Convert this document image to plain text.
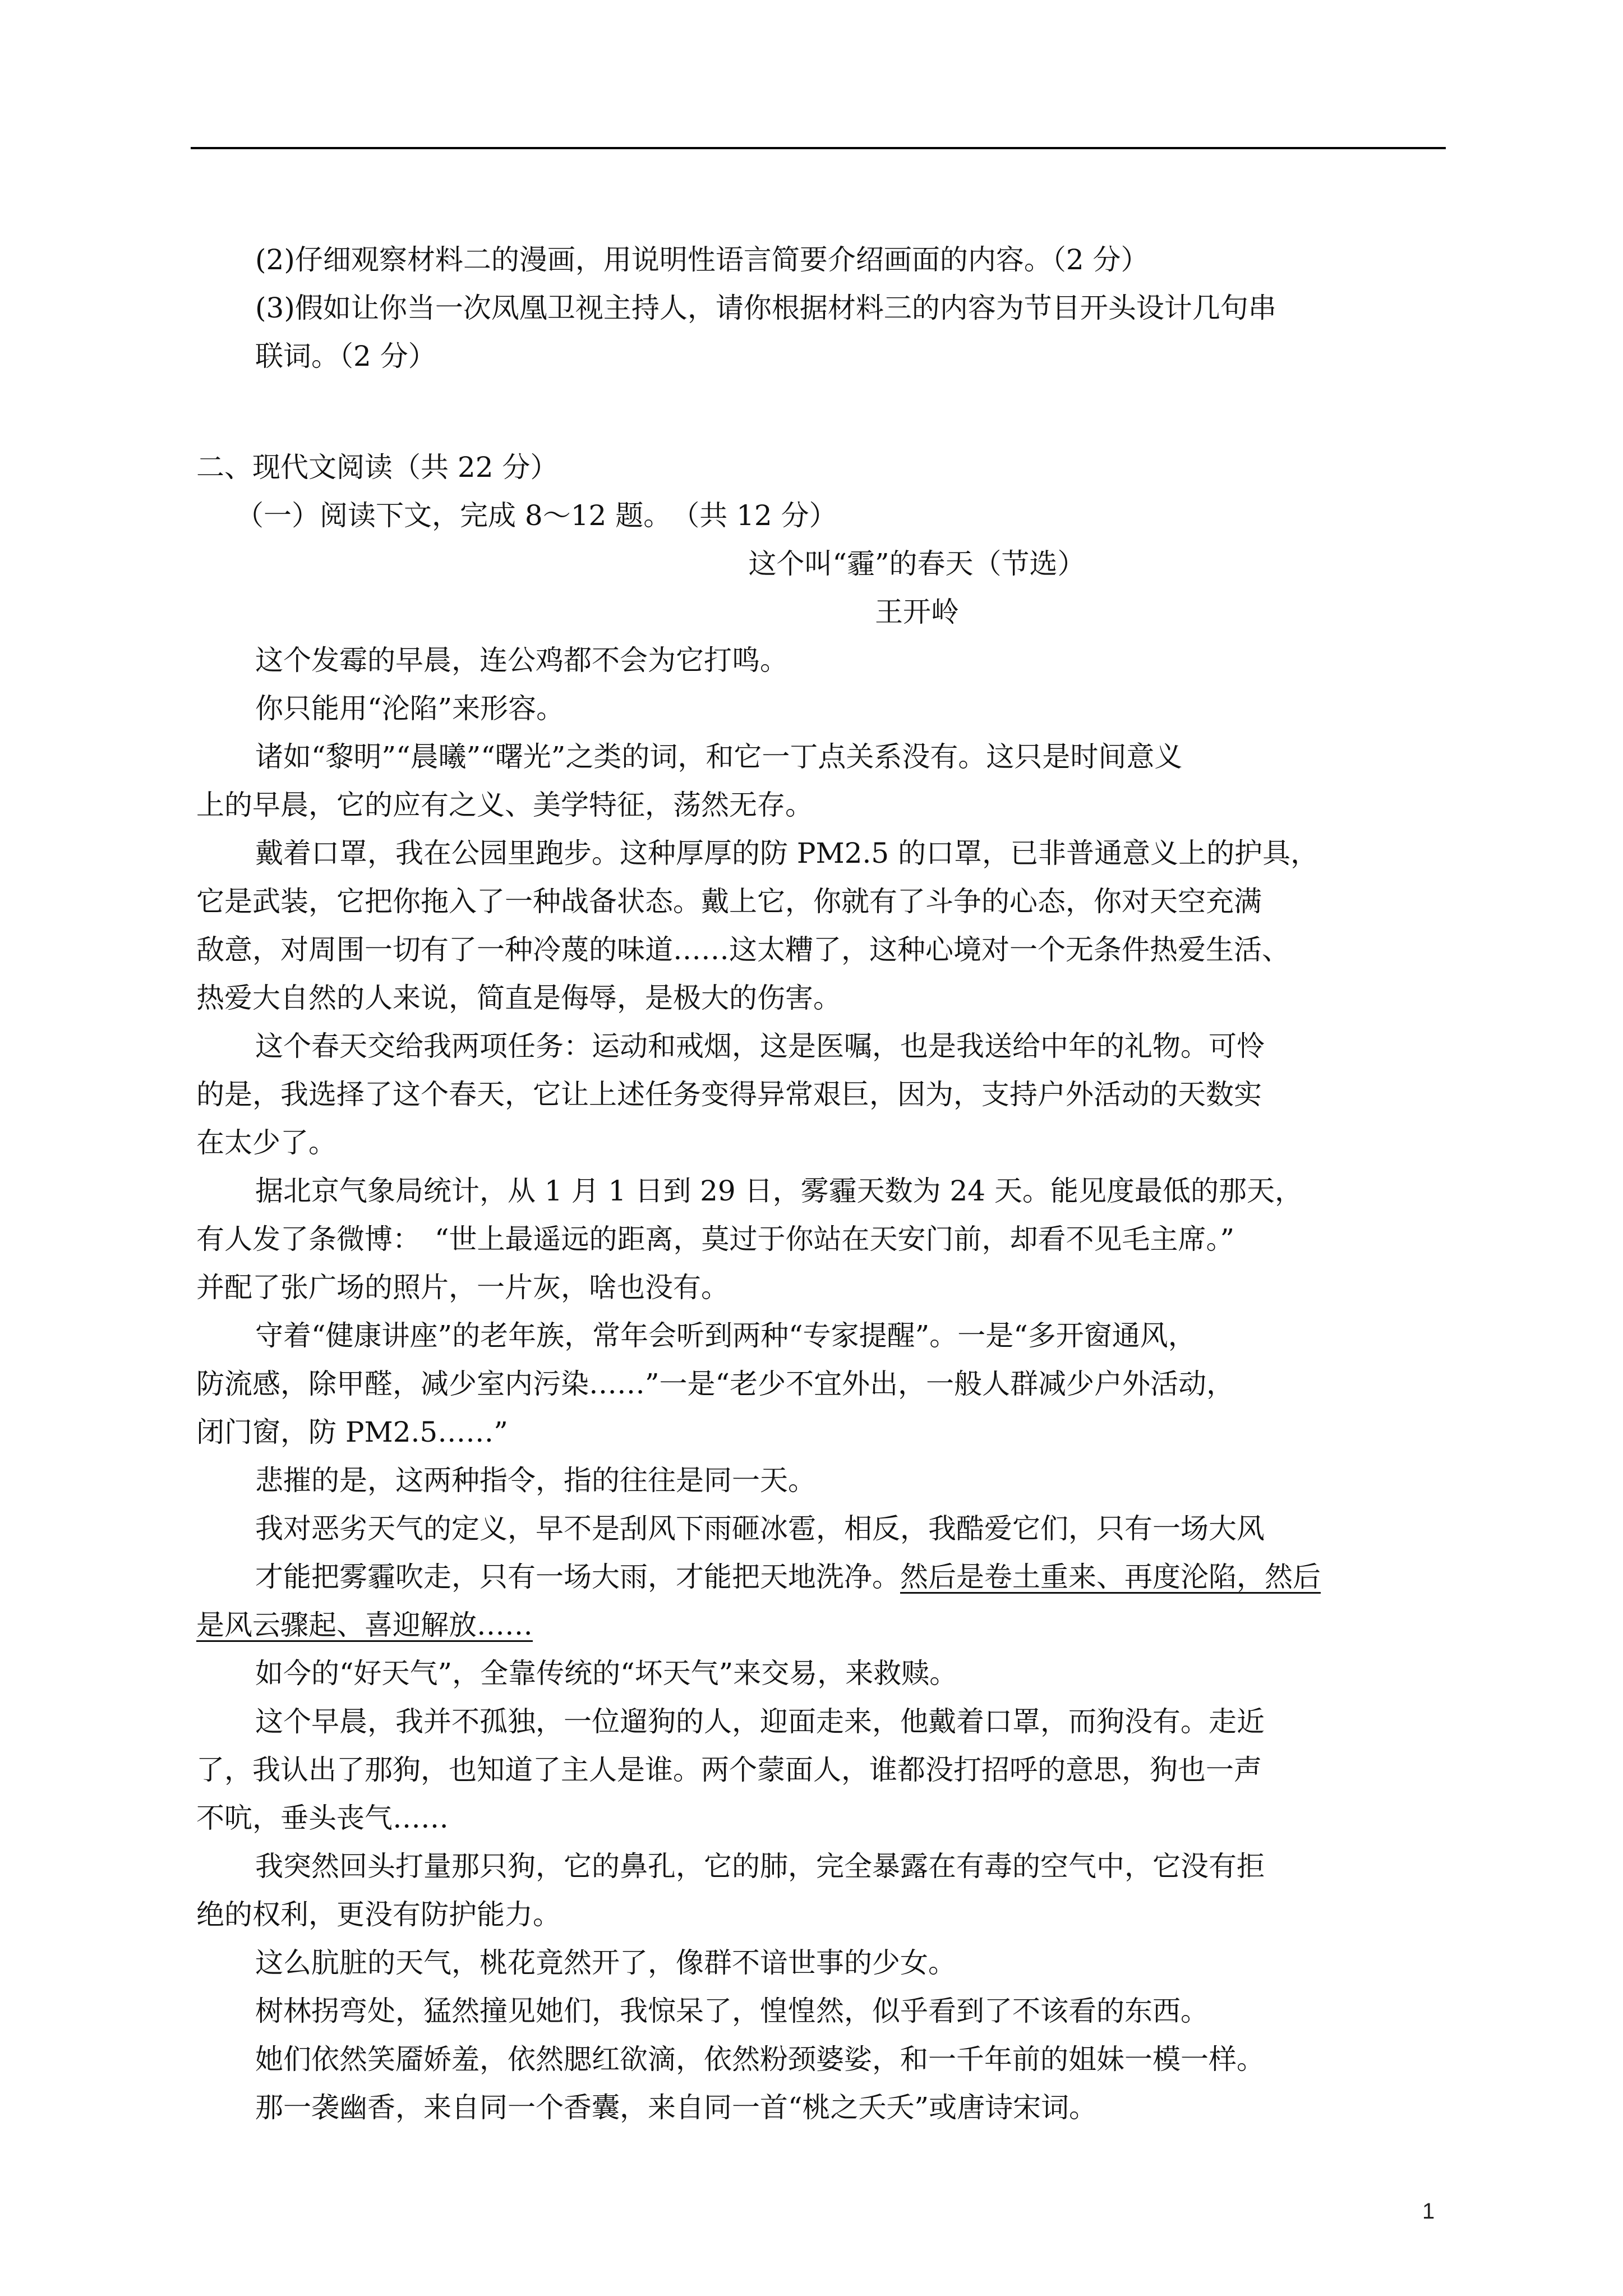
(2)仔细观察材料二的漫画，用说明性语言简要介绍画面的内容。（2 分）
(3)假如让你当一次凤凰卫视主持人，请你根据材料三的内容为节目开头设计几句串
联词。（2 分）
二、现代文阅读（共 22 分）
（一）阅读下文，完成 8～12 题。　（共 12 分）
这个叫“霾”的春天（节选）
王开岭
这个发霉的早晨，连公鸡都不会为它打鸣。
你只能用“沦陷”来形容。
诸如“黎明”“晨曦”“曙光”之类的词，和它一丁点关系没有。这只是时间意义
上的早晨，它的应有之义、美学特征，荡然无存。
戴着口罩，我在公园里跑步。这种厚厚的防 PM2.5 的口罩，已非普通意义上的护具，
它是武装，它把你拖入了一种战备状态。戴上它，你就有了斗争的心态，你对天空充满
敌意，对周围一切有了一种冷蔑的味道……这太糟了，这种心境对一个无条件热爱生活、
热爱大自然的人来说，简直是侮辱，是极大的伤害。
这个春天交给我两项任务：运动和戒烟，这是医嘱，也是我送给中年的礼物。可怜
的是，我选择了这个春天，它让上述任务变得异常艰巨，因为，支持户外活动的天数实
在太少了。
据北京气象局统计，从 1 月 1 日到 29 日，雾霾天数为 24 天。能见度最低的那天，
有人发了条微博：　“世上最遥远的距离，莫过于你站在天安门前，却看不见毛主席。”
并配了张广场的照片，一片灰，啥也没有。
守着“健康讲座”的老年族，常年会听到两种“专家提醒”。一是“多开窗通风，
防流感，除甲醛，减少室内污染……”一是“老少不宜外出，一般人群减少户外活动，
闭门窗，防 PM2.5……”
悲摧的是，这两种指令，指的往往是同一天。
我对恶劣天气的定义，早不是刮风下雨砸冰雹，相反，我酷爱它们，只有一场大风
才能把雾霾吹走，只有一场大雨，才能把天地洗净。然后是卷土重来、再度沦陷，然后
是风云骤起、喜迎解放……
如今的“好天气”，全靠传统的“坏天气”来交易，来救赎。
这个早晨，我并不孤独，一位遛狗的人，迎面走来，他戴着口罩，而狗没有。走近
了，我认出了那狗，也知道了主人是谁。两个蒙面人，谁都没打招呼的意思，狗也一声
不吭，垂头丧气……
我突然回头打量那只狗，它的鼻孔，它的肺，完全暴露在有毒的空气中，它没有拒
绝的权利，更没有防护能力。
这么肮脏的天气，桃花竟然开了，像群不谙世事的少女。
树林拐弯处，猛然撞见她们，我惊呆了，惶惶然，似乎看到了不该看的东西。
她们依然笑靥娇羞，依然腮红欲滴，依然粉颈婆娑，和一千年前的姐妹一模一样。
那一袭幽香，来自同一个香囊，来自同一首“桃之夭夭”或唐诗宋词。
1
